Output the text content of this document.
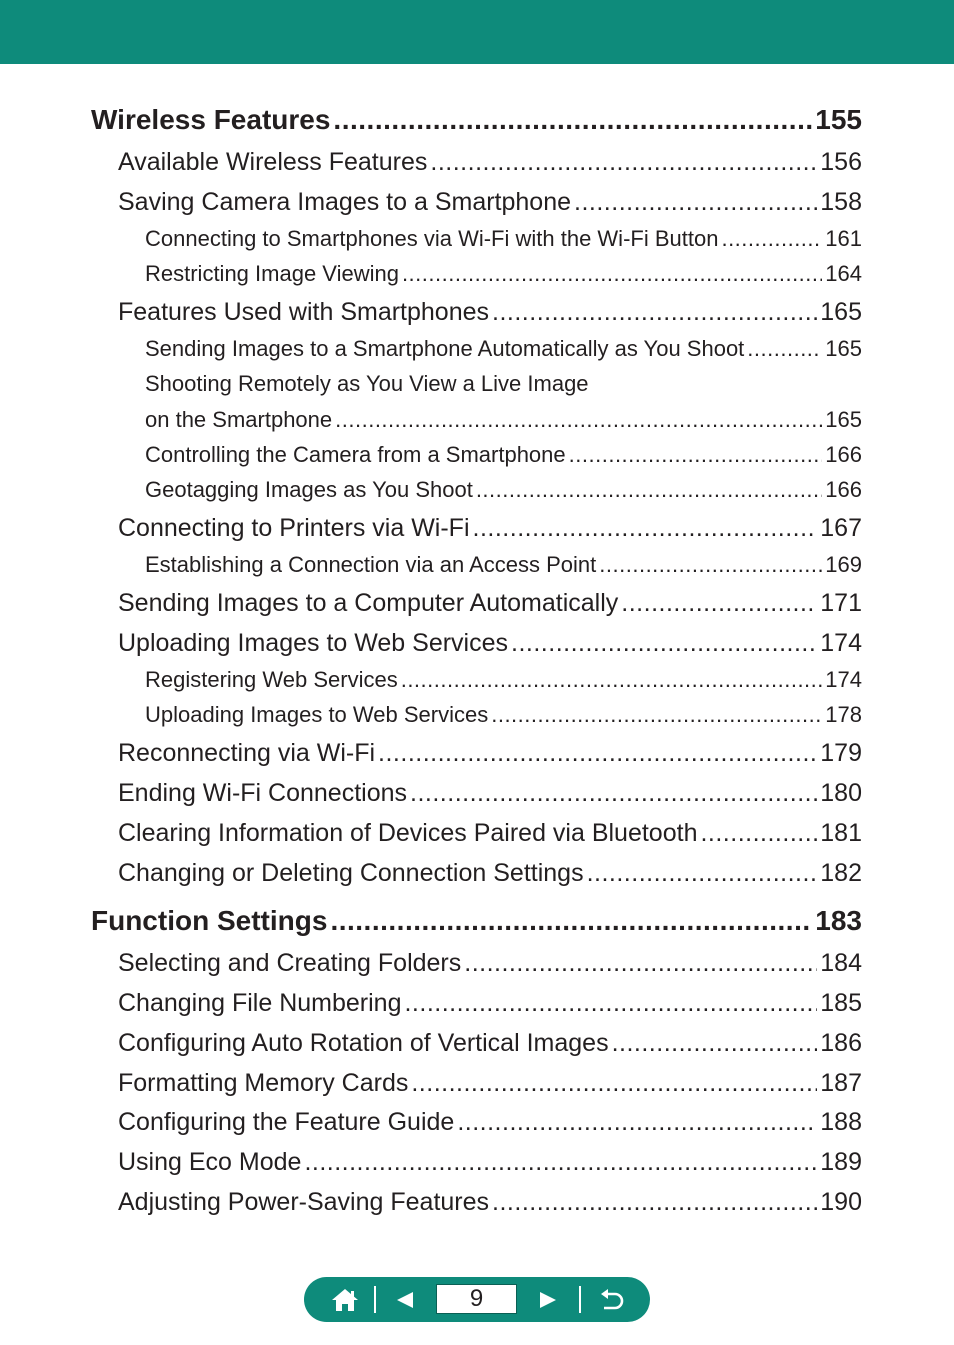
Wireless Features .....	155
Available Wireless Features .....	156
Saving Camera Images to a Smartphone .....	158
Connecting to Smartphones via Wi-Fi with the Wi-Fi Button .....	161
Restricting Image Viewing .....	164
Features Used with Smartphones .....	165
Sending Images to a Smartphone Automatically as You Shoot .....	165
Shooting Remotely as You View a Live Image
on the Smartphone .....	165
Controlling the Camera from a Smartphone .....	166
Geotagging Images as You Shoot .....	166
Connecting to Printers via Wi-Fi .....	167
Establishing a Connection via an Access Point .....	169
Sending Images to a Computer Automatically .....	171
Uploading Images to Web Services .....	174
Registering Web Services .....	174
Uploading Images to Web Services .....	178
Reconnecting via Wi-Fi .....	179
Ending Wi-Fi Connections .....	180
Clearing Information of Devices Paired via Bluetooth .....	181
Changing or Deleting Connection Settings .....	182
Function Settings .....	183
Selecting and Creating Folders .....	184
Changing File Numbering .....	185
Configuring Auto Rotation of Vertical Images .....	186
Formatting Memory Cards .....	187
Configuring the Feature Guide .....	188
Using Eco Mode .....	189
Adjusting Power-Saving Features .....	190
9
